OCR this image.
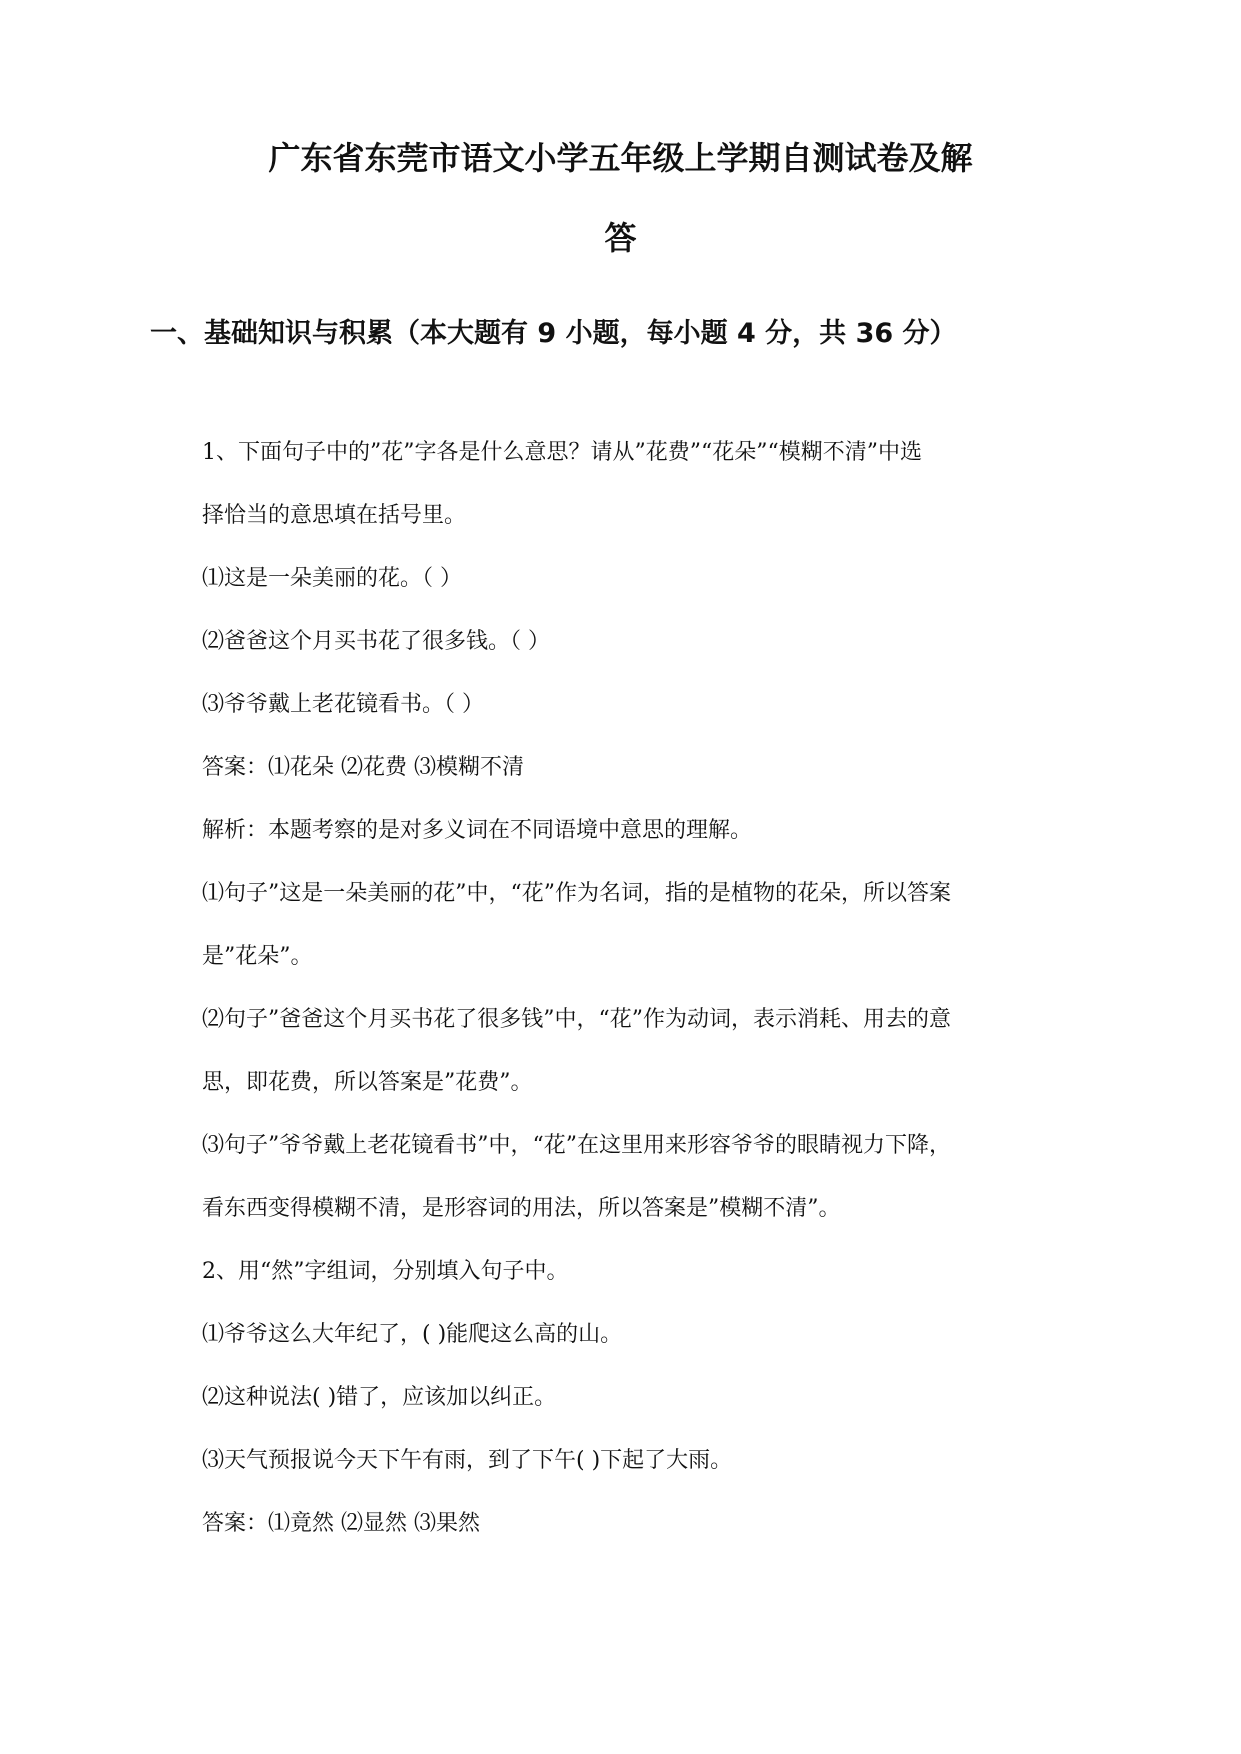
广东省东莞市语文小学五年级上学期自测试卷及解
答
一、基础知识与积累（本大题有 9 小题，每小题 4 分，共 36 分）
1、下面句子中的”花”字各是什么意思？请从”花费”“花朵”“模糊不清”中选
择恰当的意思填在括号里。
⑴这是一朵美丽的花。（ ）
⑵爸爸这个月买书花了很多钱。（ ）
⑶爷爷戴上老花镜看书。（ ）
答案：⑴花朵 ⑵花费 ⑶模糊不清
解析：本题考察的是对多义词在不同语境中意思的理解。
⑴句子”这是一朵美丽的花”中，“花”作为名词，指的是植物的花朵，所以答案
是”花朵”。
⑵句子”爸爸这个月买书花了很多钱”中，“花”作为动词，表示消耗、用去的意
思，即花费，所以答案是”花费”。
⑶句子”爷爷戴上老花镜看书”中，“花”在这里用来形容爷爷的眼睛视力下降，
看东西变得模糊不清，是形容词的用法，所以答案是”模糊不清”。
2、用“然”字组词，分别填入句子中。
⑴爷爷这么大年纪了，( )能爬这么高的山。
⑵这种说法( )错了，应该加以纠正。
⑶天气预报说今天下午有雨，到了下午( )下起了大雨。
答案：⑴竟然 ⑵显然 ⑶果然
